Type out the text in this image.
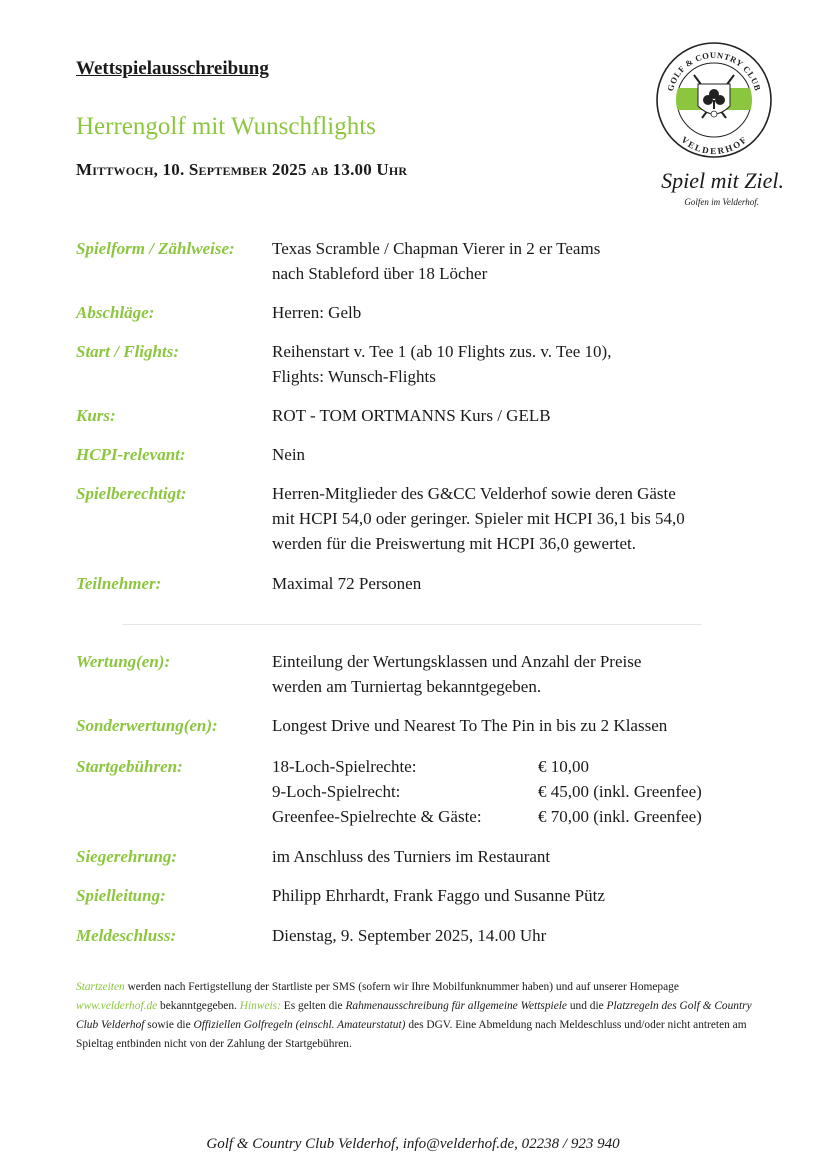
Wettspielausschreibung
Herrengolf mit Wunschflights
Mittwoch, 10. September 2025 ab 13.00 Uhr
GOLF & COUNTRY CLUB
VELDERHOF
Spiel mit Ziel.
Golfen im Velderhof.
Spielform / Zählweise: Texas Scramble / Chapman Vierer in 2 er Teams
nach Stableford über 18 Löcher
Abschläge:	Herren: Gelb
Start / Flights:	Reihenstart v. Tee 1 (ab 10 Flights zus. v. Tee 10),
Flights: Wunsch-Flights
Kurs:	ROT - TOM ORTMANNS Kurs / GELB
HCPI-relevant:	Nein
Spielberechtigt:	Herren-Mitglieder des G&CC Velderhof sowie deren Gäste
mit HCPI 54,0 oder geringer. Spieler mit HCPI 36,1 bis 54,0
werden für die Preiswertung mit HCPI 36,0 gewertet.
Teilnehmer:	Maximal 72 Personen
Wertung(en):	Einteilung der Wertungsklassen und Anzahl der Preise
werden am Turniertag bekanntgegeben.
Sonderwertung(en):	Longest Drive und Nearest To The Pin in bis zu 2 Klassen
Startgebühren:	18-Loch-Spielrechte:	€ 10,00
9-Loch-Spielrecht:	€ 45,00 (inkl. Greenfee)
Greenfee-Spielrechte & Gäste:	€ 70,00 (inkl. Greenfee)
Siegerehrung:	im Anschluss des Turniers im Restaurant
Spielleitung:	Philipp Ehrhardt, Frank Faggo und Susanne Pütz
Meldeschluss:	Dienstag, 9. September 2025, 14.00 Uhr
Startzeiten werden nach Fertigstellung der Startliste per SMS (sofern wir Ihre Mobilfunknummer haben) und auf unserer Homepage www.velderhof.de bekanntgegeben. Hinweis: Es gelten die Rahmenausschreibung für allgemeine Wettspiele und die Platzregeln des Golf & Country Club Velderhof sowie die Offiziellen Golfregeln (einschl. Amateurstatut) des DGV. Eine Abmeldung nach Meldeschluss und/oder nicht antreten am Spieltag entbinden nicht von der Zahlung der Startgebühren.
Golf & Country Club Velderhof, info@velderhof.de, 02238 / 923 940
